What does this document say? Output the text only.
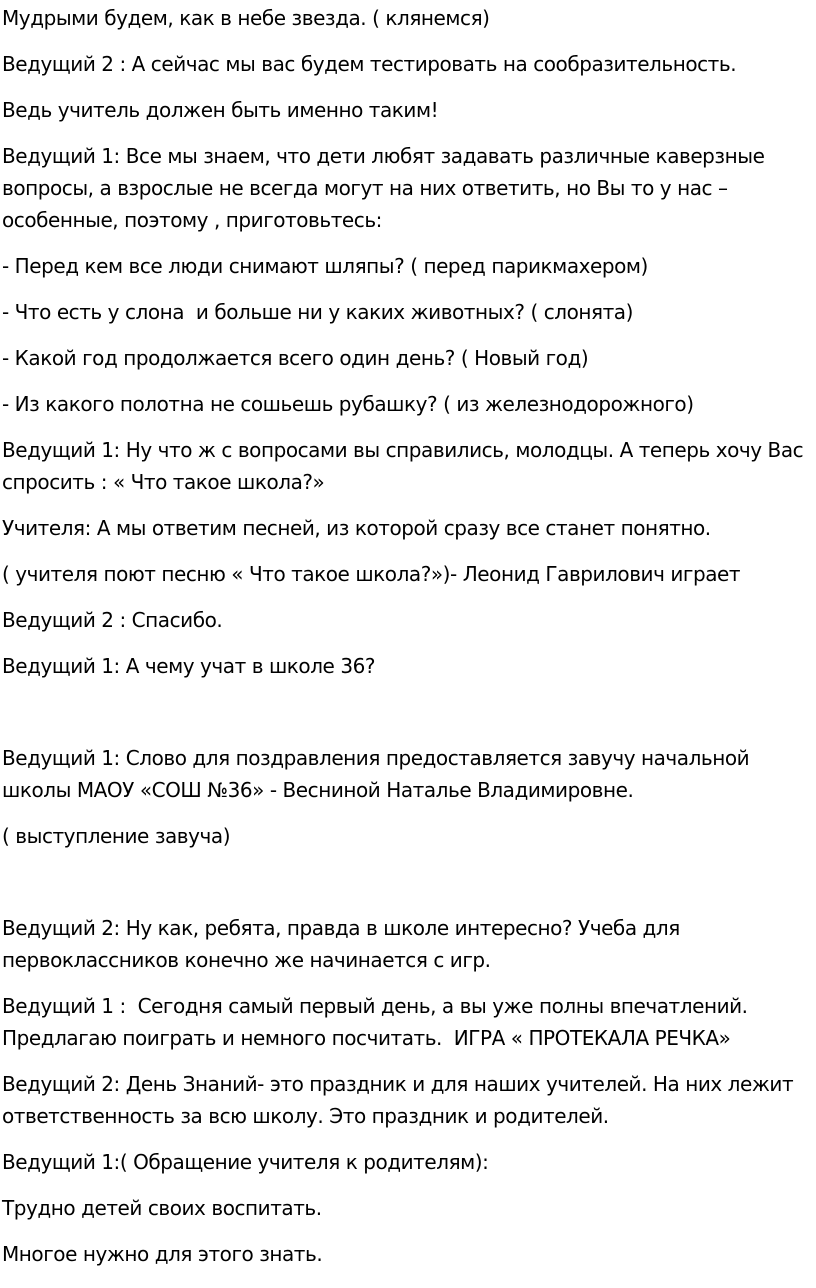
Мудрыми будем, как в небе звезда. ( клянемся)
Ведущий 2 : А сейчас мы вас будем тестировать на сообразительность.
Ведь учитель должен быть именно таким!
Ведущий 1: Все мы знаем, что дети любят задавать различные каверзные
вопросы, а взрослые не всегда могут на них ответить, но Вы то у нас –
особенные, поэтому , приготовьтесь:
- Перед кем все люди снимают шляпы? ( перед парикмахером)
- Что есть у слона  и больше ни у каких животных? ( слонята)
- Какой год продолжается всего один день? ( Новый год)
- Из какого полотна не сошьешь рубашку? ( из железнодорожного)
Ведущий 1: Ну что ж с вопросами вы справились, молодцы. А теперь хочу Вас
спросить : « Что такое школа?»
Учителя: А мы ответим песней, из которой сразу все станет понятно.
( учителя поют песню « Что такое школа?»)- Леонид Гаврилович играет
Ведущий 2 : Спасибо.
Ведущий 1: А чему учат в школе 36?
Ведущий 1: Слово для поздравления предоставляется завучу начальной
школы МАОУ «СОШ №36» - Весниной Наталье Владимировне.
( выступление завуча)
Ведущий 2: Ну как, ребята, правда в школе интересно? Учеба для
первоклассников конечно же начинается с игр.
Ведущий 1 :  Сегодня самый первый день, а вы уже полны впечатлений.
Предлагаю поиграть и немного посчитать.  ИГРА « ПРОТЕКАЛА РЕЧКА»
Ведущий 2: День Знаний- это праздник и для наших учителей. На них лежит
ответственность за всю школу. Это праздник и родителей.
Ведущий 1:( Обращение учителя к родителям):
Трудно детей своих воспитать.
Многое нужно для этого знать.
